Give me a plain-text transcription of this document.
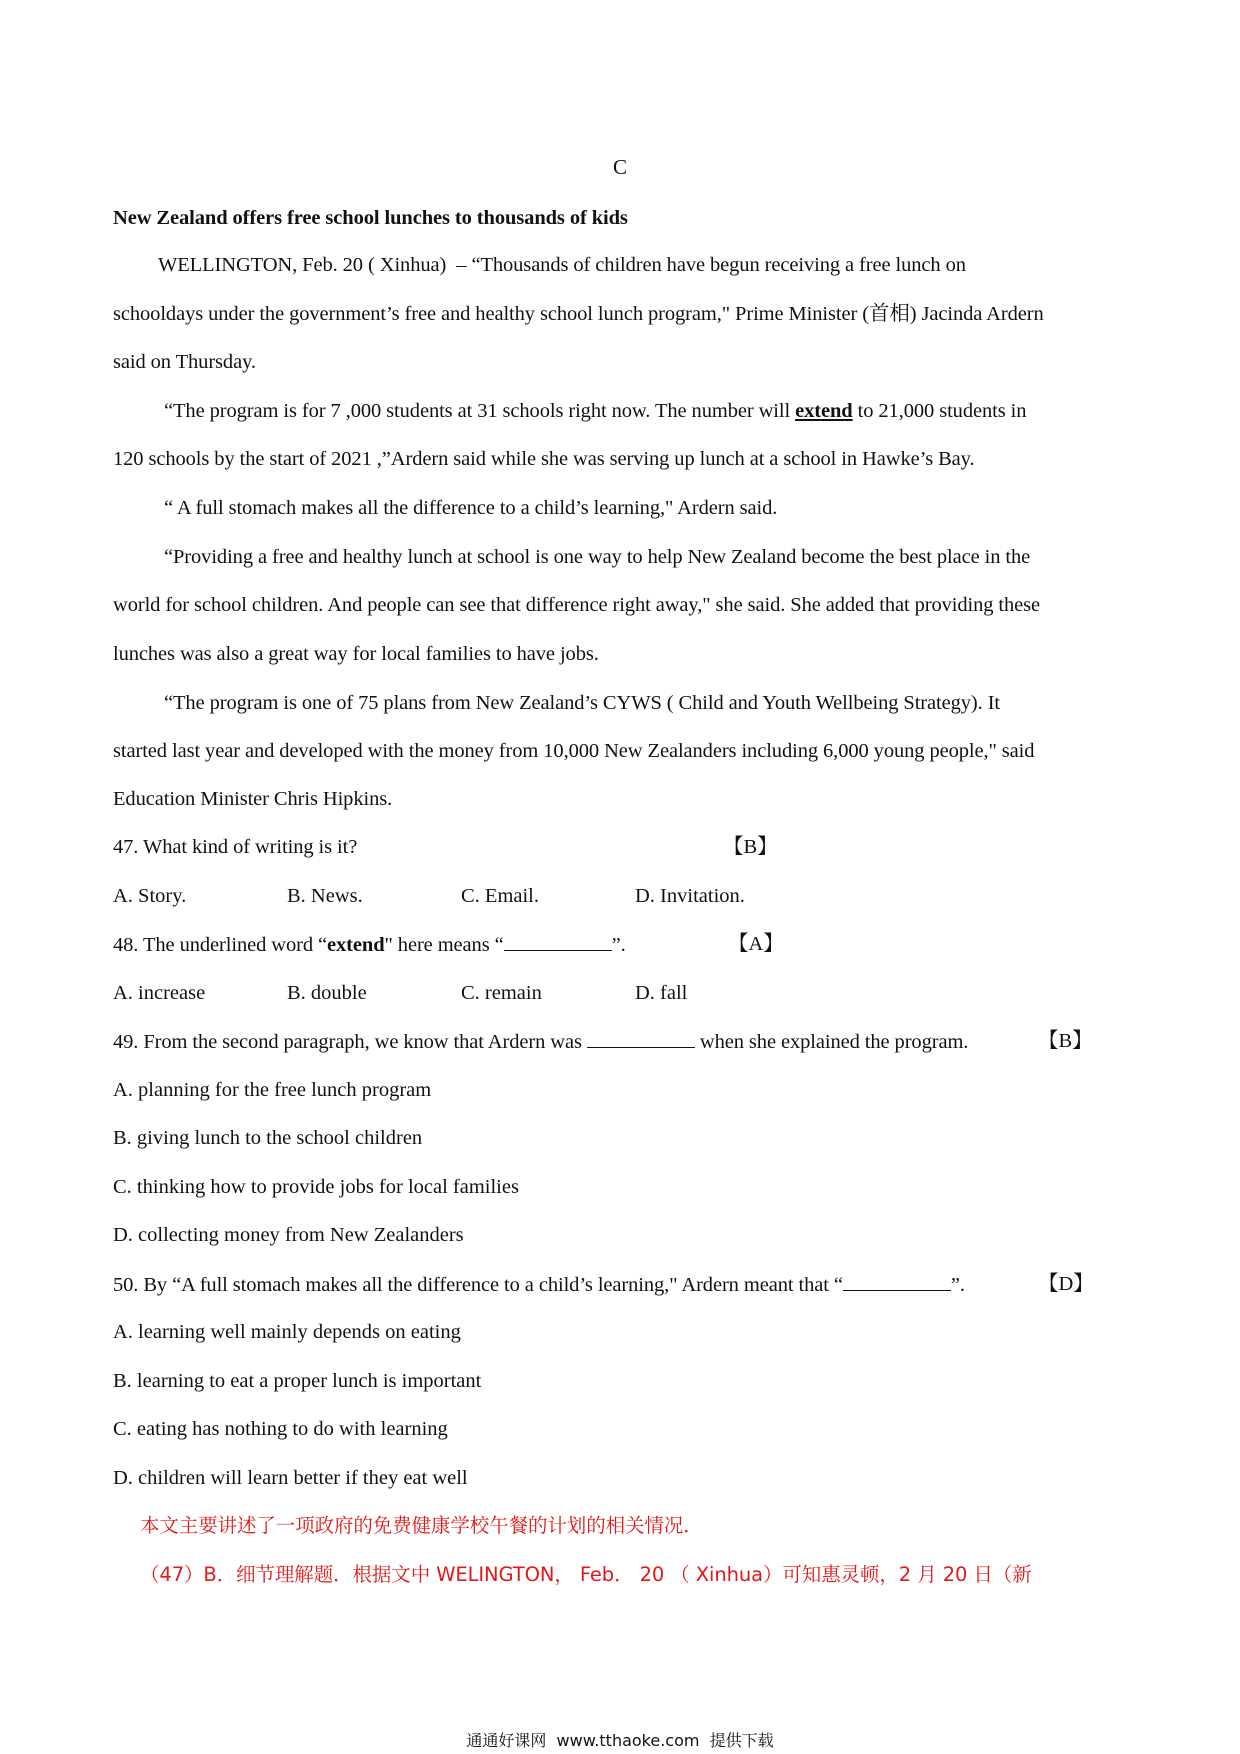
C
New Zealand offers free school lunches to thousands of kids
WELLINGTON, Feb. 20 ( Xinhua)  – “Thousands of children have begun receiving a free lunch on
schooldays under the government’s free and healthy school lunch program," Prime Minister (首相) Jacinda Ardern
said on Thursday.
“The program is for 7 ,000 students at 31 schools right now. The number will extend to 21,000 students in
120 schools by the start of 2021 ,”Ardern said while she was serving up lunch at a school in Hawke’s Bay.
“ A full stomach makes all the difference to a child’s learning," Ardern said.
“Providing a free and healthy lunch at school is one way to help New Zealand become the best place in the
world for school children. And people can see that difference right away," she said. She added that providing these
lunches was also a great way for local families to have jobs.
“The program is one of 75 plans from New Zealand’s CYWS ( Child and Youth Wellbeing Strategy). It
started last year and developed with the money from 10,000 New Zealanders including 6,000 young people," said
Education Minister Chris Hipkins.
47. What kind of writing is it?	【B】
A. Story.	B. News.	C. Email.	D. Invitation.
48. The underlined word “extend" here means “	”.	【A】
A. increase	B. double	C. remain	D. fall
49. From the second paragraph, we know that Ardern was	when she explained the program.	【B】
A. planning for the free lunch program
B. giving lunch to the school children
C. thinking how to provide jobs for local families
D. collecting money from New Zealanders
50. By “A full stomach makes all the difference to a child’s learning," Ardern meant that “	”.	【D】
A. learning well mainly depends on eating
B. learning to eat a proper lunch is important
C. eating has nothing to do with learning
D. children will learn better if they eat well
本文主要讲述了一项政府的免费健康学校午餐的计划的相关情况．
（47）B．细节理解题．根据文中 WELINGTON， Feb． 20 （ Xinhua）可知惠灵顿，2 月 20 日（新
通通好课网  www.tthaoke.com  提供下载
